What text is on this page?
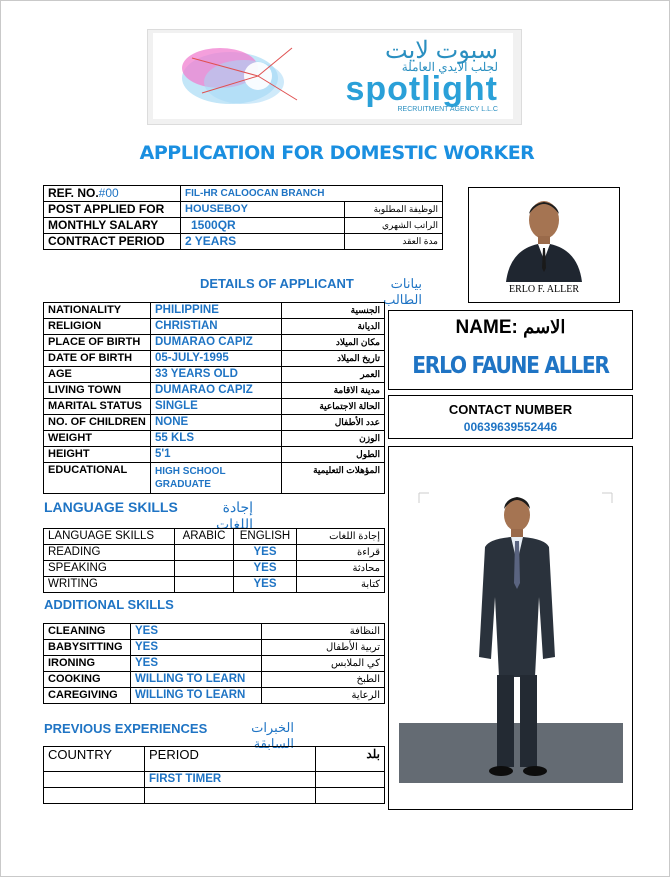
سبوت لايت
لجلب الايدي العاملة
spotlight
RECRUITMENT AGENCY L.L.C
APPLICATION FOR DOMESTIC WORKER
REF. NO.#00	FIL-HR CALOOCAN BRANCH	
POST APPLIED FOR	HOUSEBOY	الوظيفة المطلوبة
MONTHLY SALARY	1500QR	الراتب الشهري
CONTRACT PERIOD	2 YEARS	مدة العقد
ERLO F. ALLER
DETAILS OF APPLICANT	بيانات الطالب
NATIONALITY	PHILIPPINE	الجنسية
RELIGION	CHRISTIAN	الديانة
PLACE OF BIRTH	DUMARAO CAPIZ	مكان الميلاد
DATE OF BIRTH	05-JULY-1995	تاريخ الميلاد
AGE	33 YEARS OLD	العمر
LIVING TOWN	DUMARAO CAPIZ	مدينة الاقامة
MARITAL STATUS	SINGLE	الحالة الاجتماعية
NO. OF CHILDREN	NONE	عدد الأطفال
WEIGHT	55 KLS	الوزن
HEIGHT	5'1	الطول
EDUCATIONAL	HIGH SCHOOL
GRADUATE	المؤهلات التعليمية
NAME: الاسم
ERLO FAUNE ALLER
CONTACT NUMBER
00639639552446
LANGUAGE SKILLS	إجادة اللغات
LANGUAGE SKILLS	ARABIC	ENGLISH	إجادة اللغات
READING		YES	قراءة
SPEAKING		YES	محادثة
WRITING		YES	كتابة
ADDITIONAL SKILLS
CLEANING	YES	النظافة
BABYSITTING	YES	تربية الأطفال
IRONING	YES	كي الملابس
COOKING	WILLING TO LEARN	الطبخ
CAREGIVING	WILLING TO LEARN	الرعاية
PREVIOUS EXPERIENCES	الخبرات السابقة
COUNTRY	PERIOD	بلد
	FIRST TIMER	
